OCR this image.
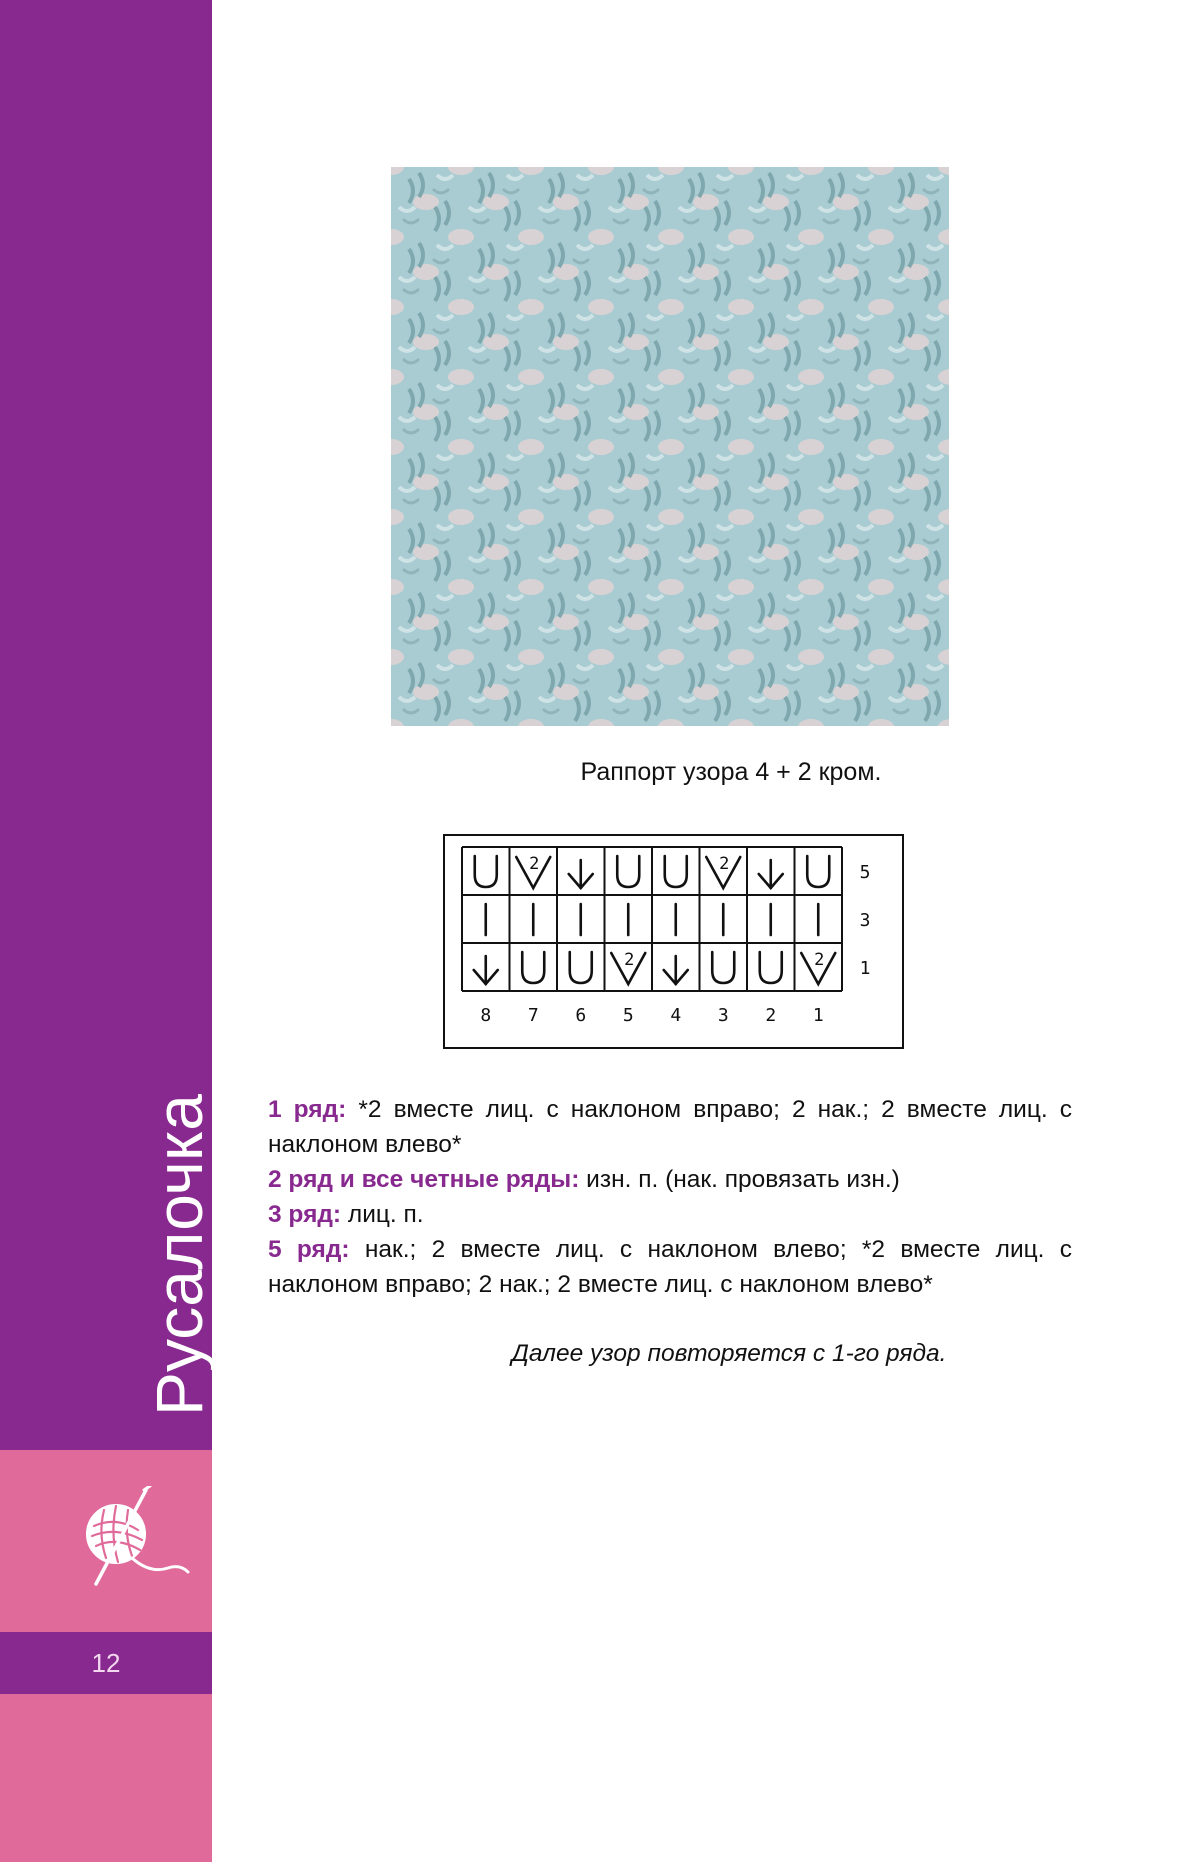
Русалочка
12
Раппорт узора 4 + 2 кром.
2	2
2	2
5
3
1
8 7 6 5 4 3 2 1

1 ряд: *2 вместе лиц. с наклоном вправо; 2 нак.; 2 вместе лиц. с наклоном влево*

2 ряд и все четные ряды: изн. п. (нак. провязать изн.)

3 ряд: лиц. п.

5 ряд: нак.; 2 вместе лиц. с наклоном влево; *2 вместе лиц. с наклоном вправо; 2 нак.; 2 вместе лиц. с наклоном влево*

Далее узор повторяется с 1-го ряда.
